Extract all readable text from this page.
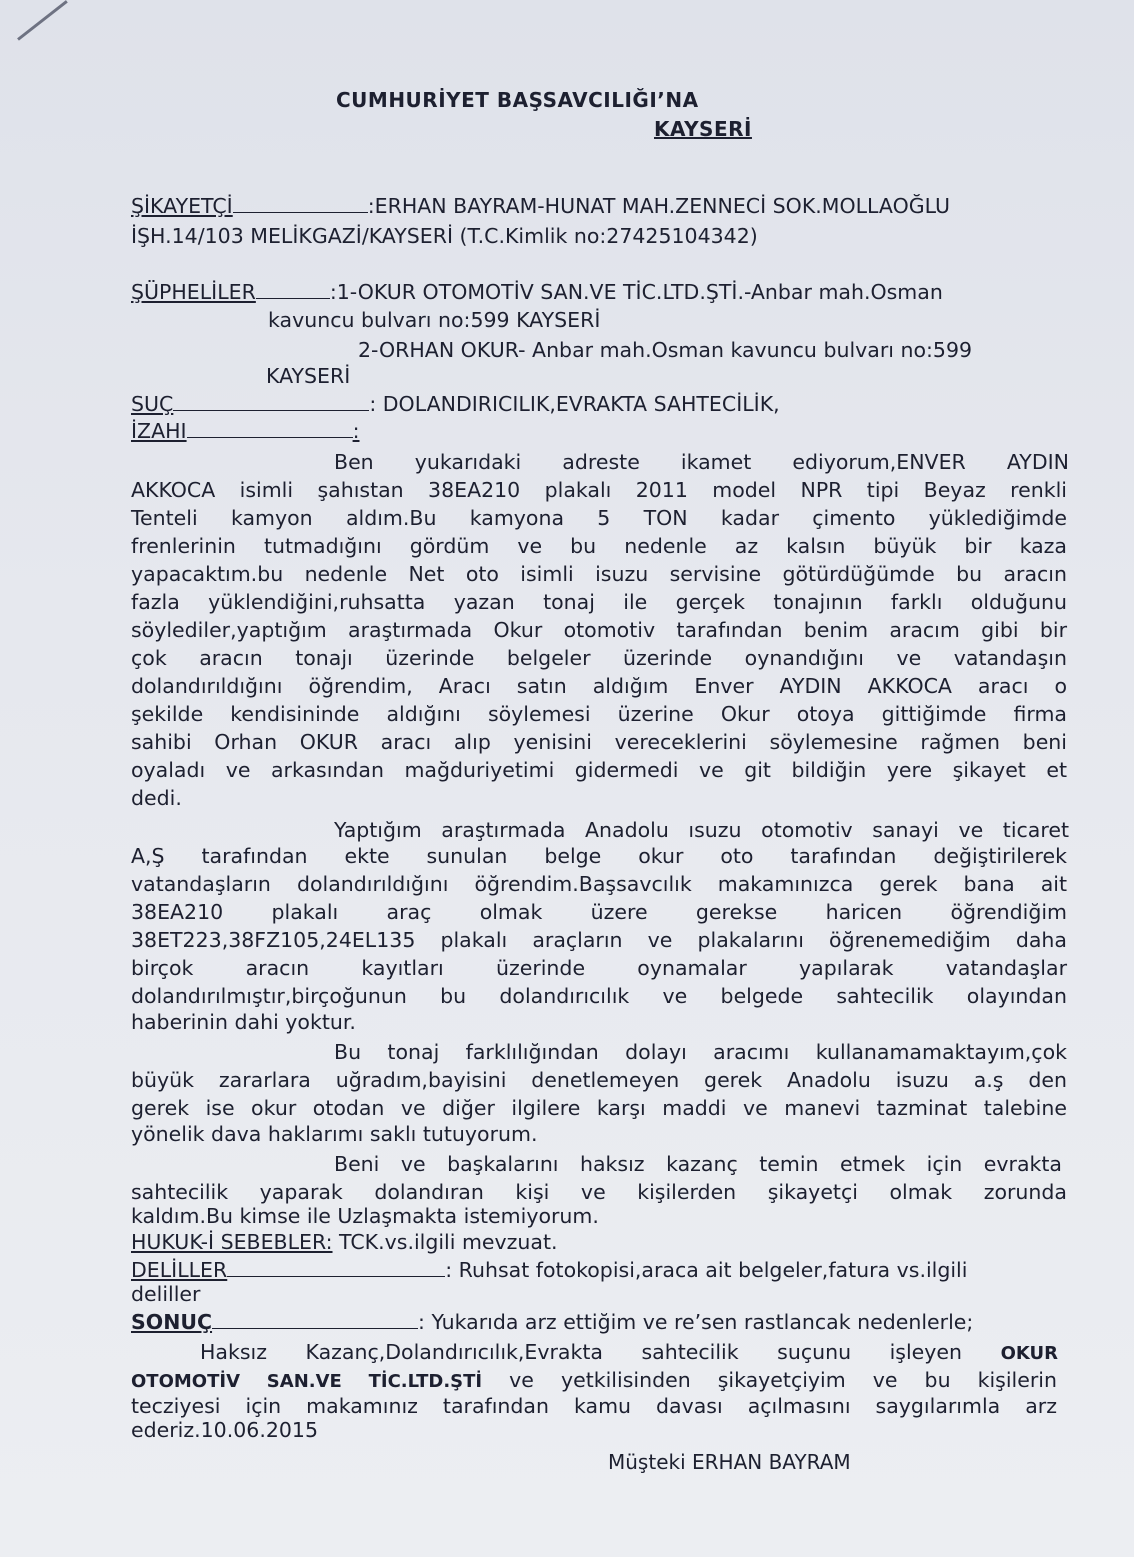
CUMHURİYET BAŞSAVCILIĞI’NA
KAYSERİ
ŞİKAYETÇİ	:ERHAN BAYRAM-HUNAT MAH.ZENNECİ SOK.MOLLAOĞLU
İŞH.14/103 MELİKGAZİ/KAYSERİ (T.C.Kimlik no:27425104342)
ŞÜPHELİLER	:1-OKUR OTOMOTİV SAN.VE TİC.LTD.ŞTİ.-Anbar mah.Osman
kavuncu bulvarı no:599 KAYSERİ
2-ORHAN OKUR- Anbar mah.Osman kavuncu bulvarı no:599
KAYSERİ
SUÇ	: DOLANDIRICILIK,EVRAKTA SAHTECİLİK,
İZAHI	:
Ben yukarıdaki adreste ikamet ediyorum,ENVER AYDIN
AKKOCA isimli şahıstan 38EA210 plakalı 2011 model NPR tipi Beyaz renkli
Tenteli kamyon aldım.Bu kamyona 5 TON kadar çimento yüklediğimde
frenlerinin tutmadığını gördüm ve bu nedenle az kalsın büyük bir kaza
yapacaktım.bu nedenle Net oto isimli isuzu servisine götürdüğümde bu aracın
fazla yüklendiğini,ruhsatta yazan tonaj ile gerçek tonajının farklı olduğunu
söylediler,yaptığım araştırmada Okur otomotiv tarafından benim aracım gibi bir
çok aracın tonajı üzerinde belgeler üzerinde oynandığını ve vatandaşın
dolandırıldığını öğrendim, Aracı satın aldığım Enver AYDIN AKKOCA aracı o
şekilde kendisininde aldığını söylemesi üzerine Okur otoya gittiğimde firma
sahibi Orhan OKUR aracı alıp yenisini vereceklerini söylemesine rağmen beni
oyaladı ve arkasından mağduriyetimi gidermedi ve git bildiğin yere şikayet et
dedi.
Yaptığım araştırmada Anadolu ısuzu otomotiv sanayi ve ticaret
A,Ş tarafından ekte sunulan belge okur oto tarafından değiştirilerek
vatandaşların dolandırıldığını öğrendim.Başsavcılık makamınızca gerek bana ait
38EA210 plakalı araç olmak üzere gerekse haricen öğrendiğim
38ET223,38FZ105,24EL135 plakalı araçların ve plakalarını öğrenemediğim daha
birçok aracın kayıtları üzerinde oynamalar yapılarak vatandaşlar
dolandırılmıştır,birçoğunun bu dolandırıcılık ve belgede sahtecilik olayından
haberinin dahi yoktur.
Bu tonaj farklılığından dolayı aracımı kullanamamaktayım,çok
büyük zararlara uğradım,bayisini denetlemeyen gerek Anadolu isuzu a.ş den
gerek ise okur otodan ve diğer ilgilere karşı maddi ve manevi tazminat talebine
yönelik dava haklarımı saklı tutuyorum.
Beni ve başkalarını haksız kazanç temin etmek için evrakta
sahtecilik yaparak dolandıran kişi ve kişilerden şikayetçi olmak zorunda
kaldım.Bu kimse ile Uzlaşmakta istemiyorum.
HUKUK-İ SEBEBLER: TCK.vs.ilgili mevzuat.
DELİLLER	: Ruhsat fotokopisi,araca ait belgeler,fatura vs.ilgili
deliller
SONUÇ	: Yukarıda arz ettiğim ve re’sen rastlancak nedenlerle;
Haksız Kazanç,Dolandırıcılık,Evrakta sahtecilik suçunu işleyen OKUR
OTOMOTİV SAN.VE TİC.LTD.ŞTİ ve yetkilisinden şikayetçiyim ve bu kişilerin
tecziyesi için makamınız tarafından kamu davası açılmasını saygılarımla arz
ederiz.10.06.2015
Müşteki ERHAN BAYRAM
